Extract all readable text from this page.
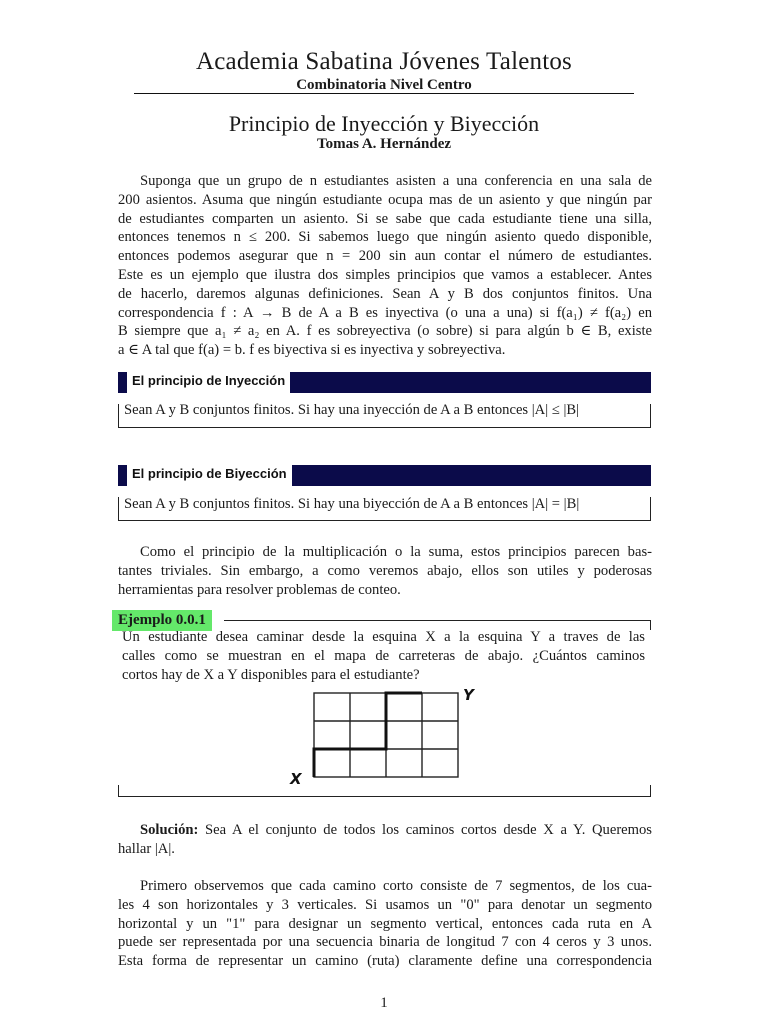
Academia Sabatina Jóvenes Talentos
Combinatoria Nivel Centro
Principio de Inyección y Biyección
Tomas A. Hernández
Suponga que un grupo de n estudiantes asisten a una conferencia en una sala de
200 asientos. Asuma que ningún estudiante ocupa mas de un asiento y que ningún par
de estudiantes comparten un asiento. Si se sabe que cada estudiante tiene una silla,
entonces tenemos n ≤ 200. Si sabemos luego que ningún asiento quedo disponible,
entonces podemos asegurar que n = 200 sin aun contar el número de estudiantes.
Este es un ejemplo que ilustra dos simples principios que vamos a establecer. Antes
de hacerlo, daremos algunas definiciones. Sean A y B dos conjuntos finitos. Una
correspondencia f : A → B de A a B es inyectiva (o una a una) si f(a₁) ≠ f(a₂) en
B siempre que a₁ ≠ a₂ en A. f es sobreyectiva (o sobre) si para algún b ∈ B, existe
a ∈ A tal que f(a) = b. f es biyectiva si es inyectiva y sobreyectiva.
El principio de Inyección
Sean A y B conjuntos finitos. Si hay una inyección de A a B entonces |A| ≤ |B|
El principio de Biyección
Sean A y B conjuntos finitos. Si hay una biyección de A a B entonces |A| = |B|
Como el principio de la multiplicación o la suma, estos principios parecen bas-
tantes triviales. Sin embargo, a como veremos abajo, ellos son utiles y poderosas
herramientas para resolver problemas de conteo.
Ejemplo 0.0.1
Un estudiante desea caminar desde la esquina X a la esquina Y a traves de las
calles como se muestran en el mapa de carreteras de abajo. ¿Cuántos caminos
cortos hay de X a Y disponibles para el estudiante?
Y
X
Solución: Sea A el conjunto de todos los caminos cortos desde X a Y. Queremos
hallar |A|.
Primero observemos que cada camino corto consiste de 7 segmentos, de los cua-
les 4 son horizontales y 3 verticales. Si usamos un "0" para denotar un segmento
horizontal y un "1" para designar un segmento vertical, entonces cada ruta en A
puede ser representada por una secuencia binaria de longitud 7 con 4 ceros y 3 unos.
Esta forma de representar un camino (ruta) claramente define una correspondencia
1
